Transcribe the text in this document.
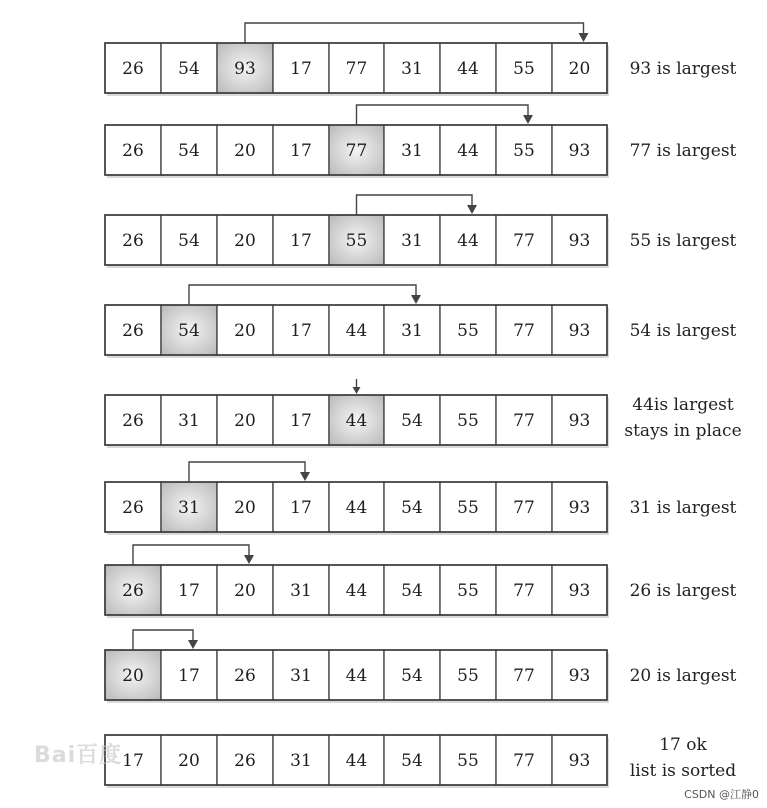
26 54 93 17 77 31 44 55 20 93 is largest
26 54 20 17 77 31 44 55 93 77 is largest
26 54 20 17 55 31 44 77 93 55 is largest
26 54 20 17 44 31 55 77 93 54 is largest
26 31 20 17 44 54 55 77 93
44is largest
stays in place
26 31 20 17 44 54 55 77 93 31 is largest
26 17 20 31 44 54 55 77 93 26 is largest
20 17 26 31 44 54 55 77 93 20 is largest
17 20 26 31 44 54 55 77 93
17 ok
list is sorted
Bai百度
CSDN @江静0
